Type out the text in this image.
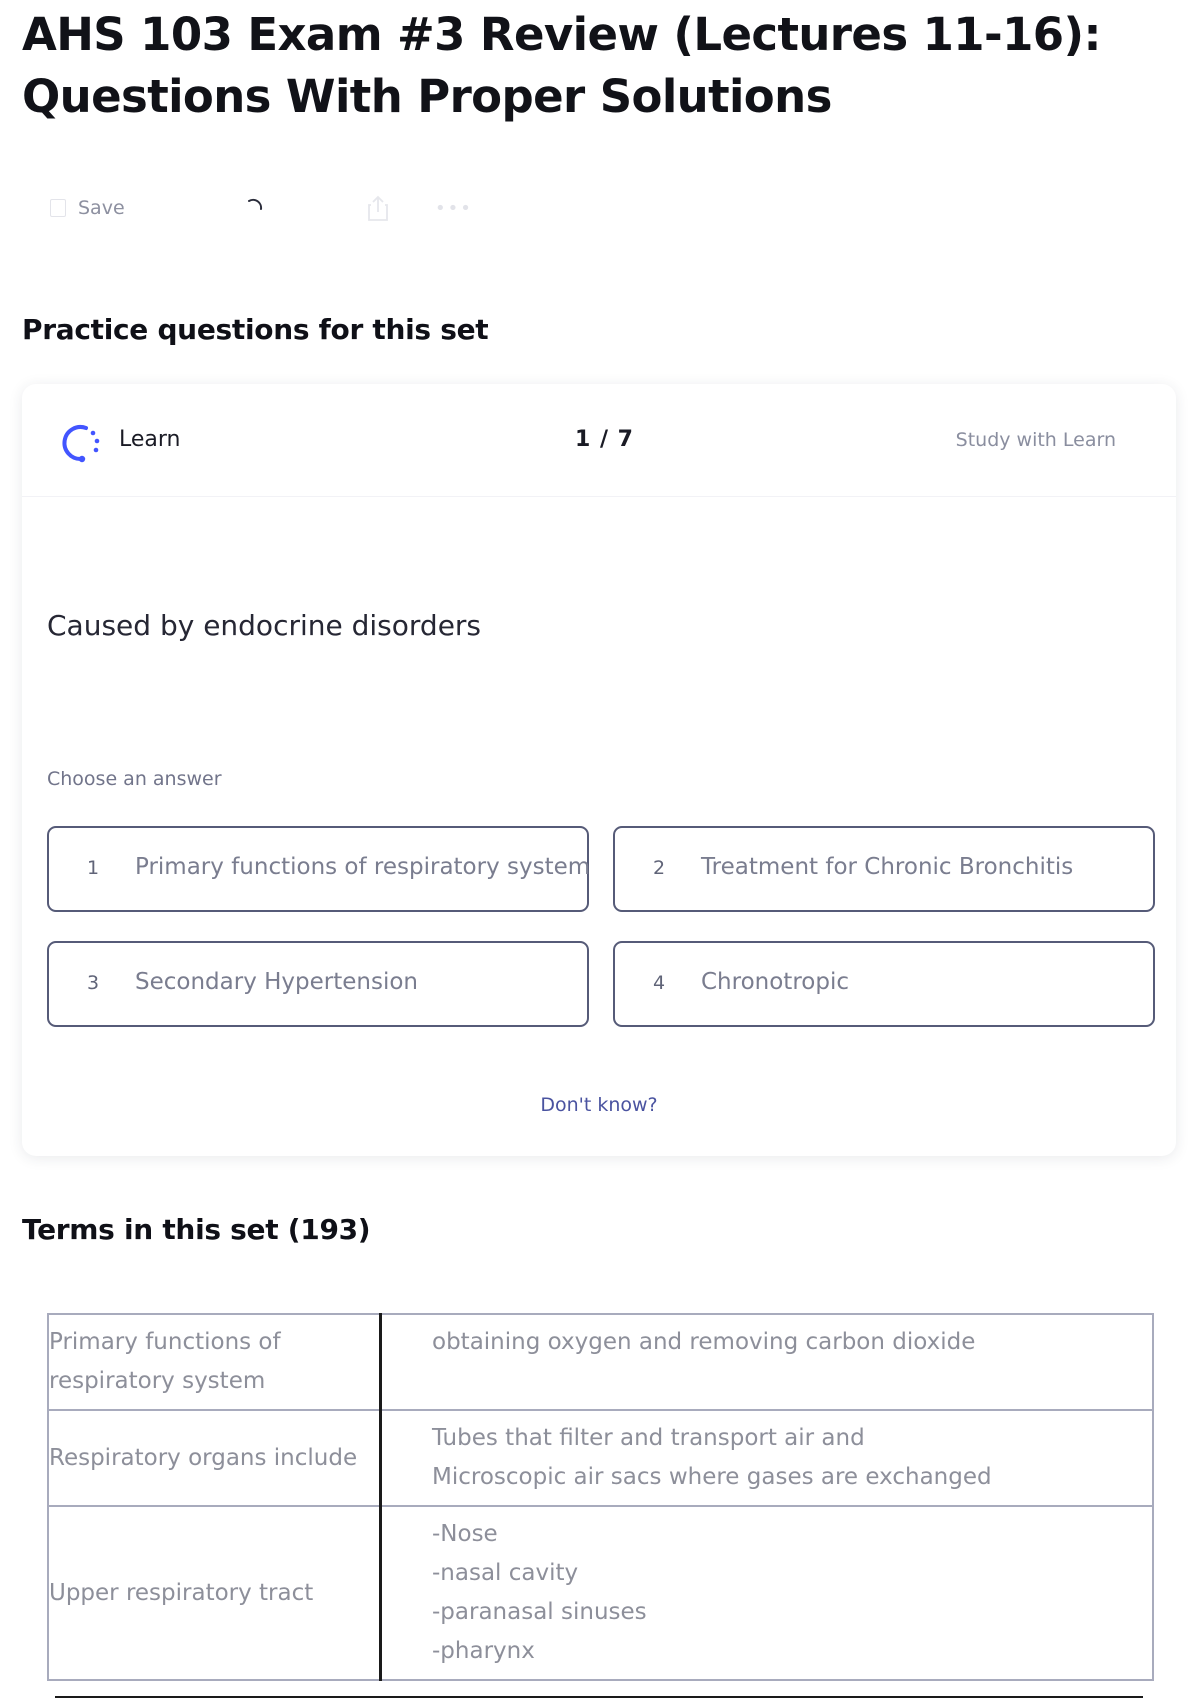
AHS 103 Exam #3 Review (Lectures 11-16): Questions With Proper Solutions
Save	•••
Practice questions for this set
Learn	1 / 7	Study with Learn
Caused by endocrine disorders
Choose an answer
1 Primary functions of respiratory system	2 Treatment for Chronic Bronchitis
3 Secondary Hypertension	4 Chronotropic
Don't know?
Terms in this set (193)
Primary functions of respiratory system	obtaining oxygen and removing carbon dioxide

Respiratory organs include	Tubes that filter and transport air and
Microscopic air sacs where gases are exchanged

Upper respiratory tract	-Nose
-nasal cavity
-paranasal sinuses
-pharynx
